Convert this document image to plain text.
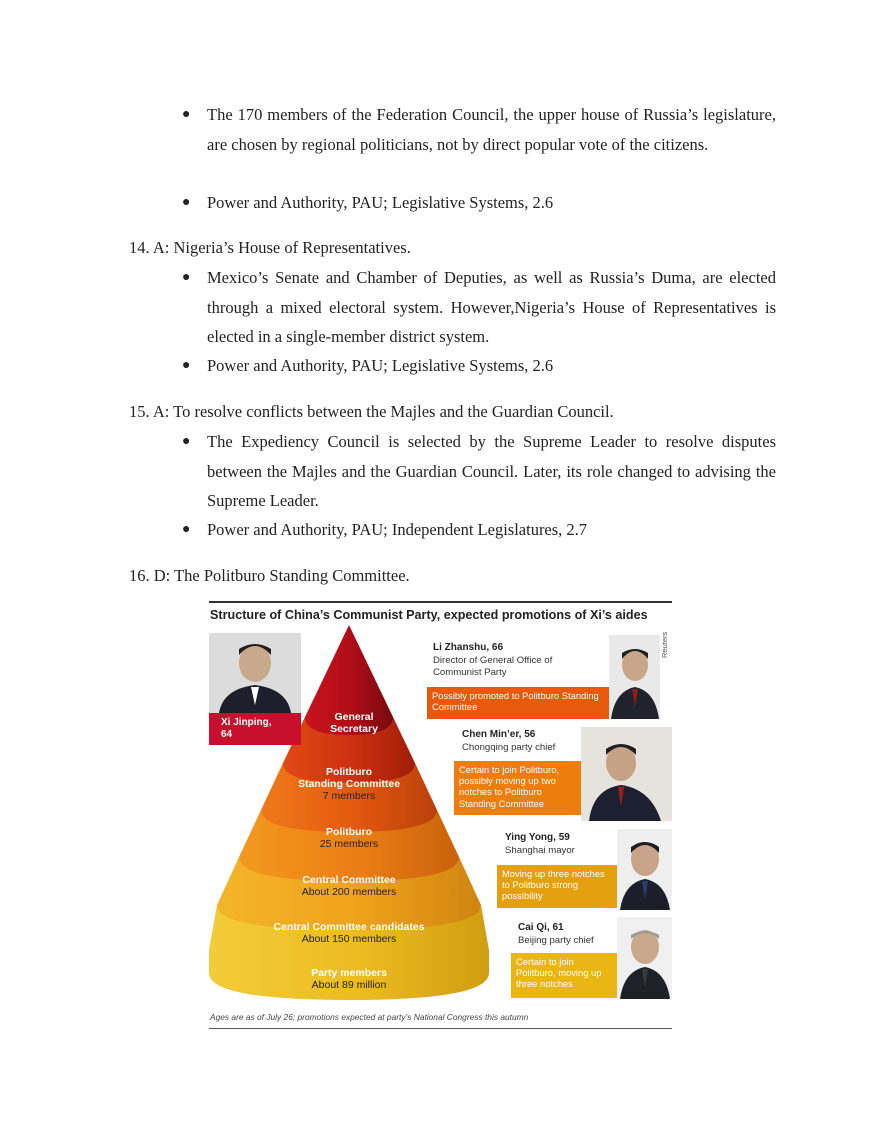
● The 170 members of the Federation Council, the upper house of Russia’s legislature, are chosen by regional politicians, not by direct popular vote of the citizens.
● Power and Authority, PAU; Legislative Systems, 2.6
14. A: Nigeria’s House of Representatives.
● Mexico’s Senate and Chamber of Deputies, as well as Russia’s Duma, are elected through a mixed electoral system. However,Nigeria’s House of Representatives is elected in a single-member district system.
● Power and Authority, PAU; Legislative Systems, 2.6
15. A: To resolve conflicts between the Majles and the Guardian Council.
● The Expediency Council is selected by the Supreme Leader to resolve disputes between the Majles and the Guardian Council. Later, its role changed to advising the Supreme Leader.
● Power and Authority, PAU; Independent Legislatures, 2.7
16. D: The Politburo Standing Committee.
Structure of China’s Communist Party, expected promotions of Xi’s aides
Xi Jinping,
64
General
Secretary
Politburo
Standing Committee
7 members
Politburo
25 members
Central Committee
About 200 members
Central Committee candidates
About 150 members
Party members
About 89 million
Li Zhanshu, 66
Director of General Office of Communist Party
Reuters
Possibly promoted to Politburo Standing Committee
Chen Min’er, 56
Chongqing party chief
Certain to join Politburo, possibly moving up two notches to Politburo Standing Committee
Ying Yong, 59
Shanghai mayor
Moving up three notches to Politburo strong possibility
Cai Qi, 61
Beijing party chief
Certain to join Politburo, moving up three notches
Ages are as of July 26; promotions expected at party’s National Congress this autumn
